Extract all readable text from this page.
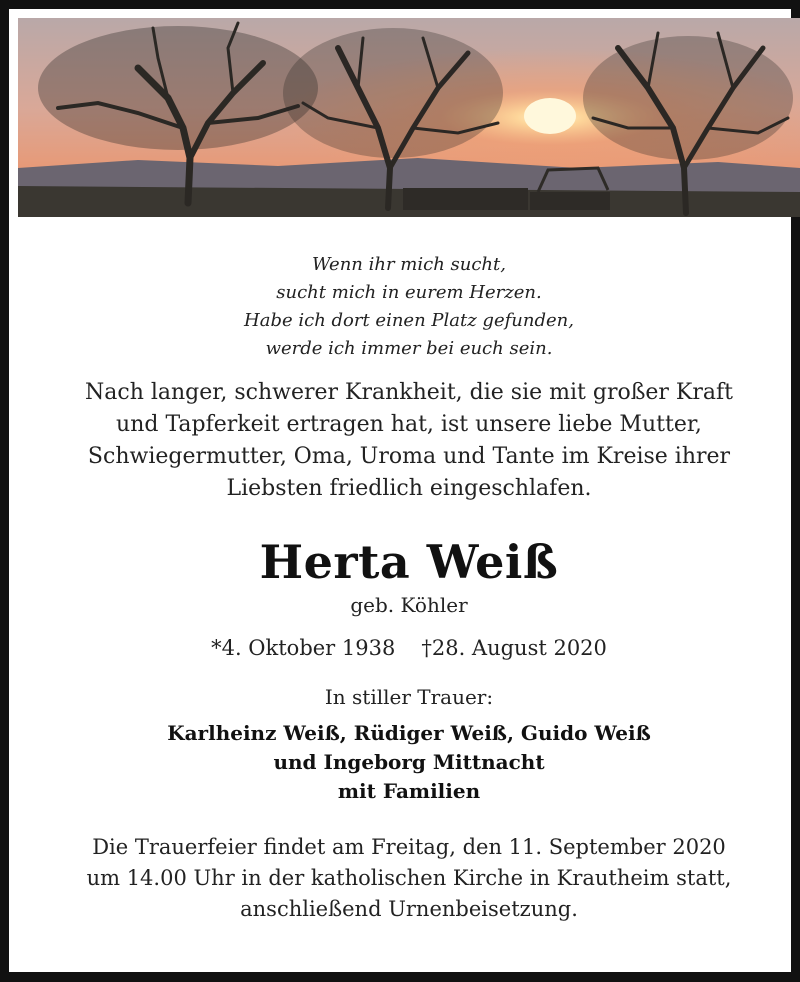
Wenn ihr mich sucht,
sucht mich in eurem Herzen.
Habe ich dort einen Platz gefunden,
werde ich immer bei euch sein.
Nach langer, schwerer Krankheit, die sie mit großer Kraft
und Tapferkeit ertragen hat, ist unsere liebe Mutter,
Schwiegermutter, Oma, Uroma und Tante im Kreise ihrer
Liebsten friedlich eingeschlafen.
Herta Weiß
geb. Köhler
*4. Oktober 1938 †28. August 2020
In stiller Trauer:
Karlheinz Weiß, Rüdiger Weiß, Guido Weiß
und Ingeborg Mittnacht
mit Familien
Die Trauerfeier findet am Freitag, den 11. September 2020
um 14.00 Uhr in der katholischen Kirche in Krautheim statt,
anschließend Urnenbeisetzung.
